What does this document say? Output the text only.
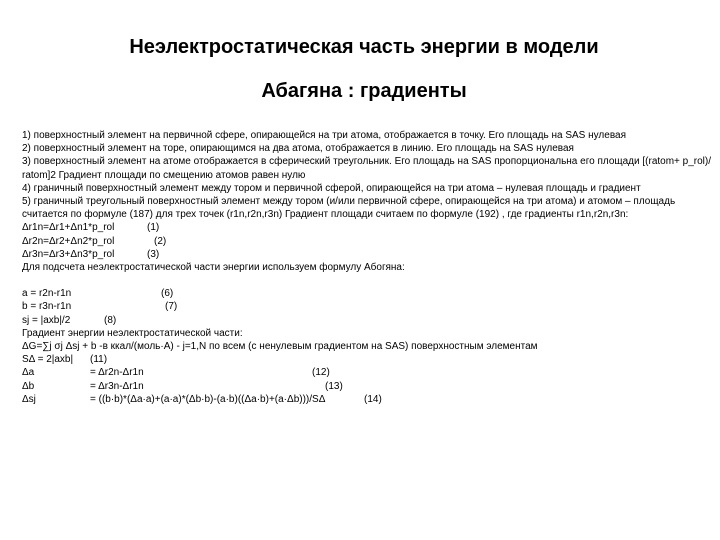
Неэлектростатическая часть энергии в модели
Абагяна : градиенты

1) поверхностный элемент на первичной сфере, опирающейся на три атома, отображается в точку. Его площадь на SAS нулевая

2) поверхностный элемент на торе, опирающимся на два атома, отображается в линию. Его площадь на SAS нулевая

3) поверхностный элемент на атоме отображается в сферический треугольник. Его площадь на SAS пропорциональна его площади [(ratom+ p_rol)/ ratom]2 Градиент площади по смещению атомов равен нулю

4) граничный поверхностный элемент между тором и первичной сферой, опирающейся на три атома – нулевая площадь и градиент

5) граничный треугольный поверхностный элемент между тором (и/или первичной сфере, опирающейся на три атома) и атомом – площадь считается по формуле (187) для трех точек (r1n,r2n,r3n) Градиент площади считаем по формуле (192) , где градиенты r1n,r2n,r3n:

Δr1n=Δr1+Δn1*p_rol	(1)
Δr2n=Δr2+Δn2*p_rol	(2)
Δr3n=Δr3+Δn3*p_rol	(3)

Для подсчета неэлектростатической части энергии используем формулу Абогяна:

a = r2n-r1n	(6)
b = r3n-r1n	(7)
sj = |axb|/2	(8)

Градиент энергии неэлектростатической части:

ΔG=∑j σj Δsj + b -в ккал/(моль·A) - j=1,N по всем (с ненулевым градиентом на SAS) поверхностным элементам

SΔ = 2|axb| (11)
Δa	= Δr2n-Δr1n	(12)
Δb	= Δr3n-Δr1n	(13)
Δsj	= ((b·b)*(Δa·a)+(a·a)*(Δb·b)-(a·b)((Δa·b)+(a·Δb)))/SΔ	(14)
